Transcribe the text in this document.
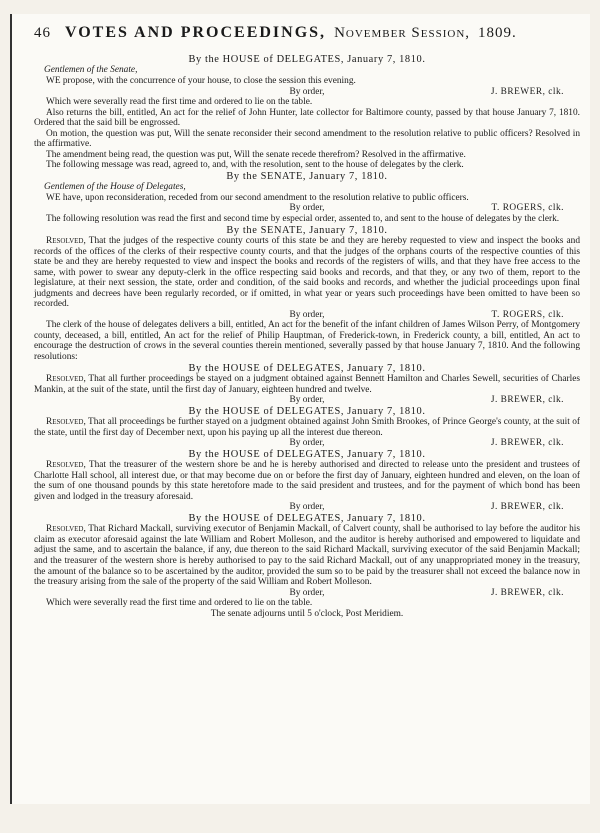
46 VOTES AND PROCEEDINGS, November Session, 1809.

By the HOUSE of DELEGATES, January 7, 1810.

Gentlemen of the Senate,

WE propose, with the concurrence of your house, to close the session this evening.

By order,	J. BREWER, clk.

Which were severally read the first time and ordered to lie on the table.

Also returns the bill, entitled, An act for the relief of John Hunter, late collector for Baltimore county, passed by that house January 7, 1810. Ordered that the said bill be engrossed.

On motion, the question was put, Will the senate reconsider their second amendment to the resolution relative to public officers? Resolved in the affirmative.

The amendment being read, the question was put, Will the senate recede therefrom? Resolved in the affirmative.

The following message was read, agreed to, and, with the resolution, sent to the house of delegates by the clerk.

By the SENATE, January 7, 1810.

Gentlemen of the House of Delegates,

WE have, upon reconsideration, receded from our second amendment to the resolution relative to public officers.

By order,	T. ROGERS, clk.

The following resolution was read the first and second time by especial order, assented to, and sent to the house of delegates by the clerk.

By the SENATE, January 7, 1810.

Resolved, That the judges of the respective county courts of this state be and they are hereby requested to view and inspect the books and records of the offices of the clerks of their respective county courts, and that the judges of the orphans courts of the respective counties of this state be and they are hereby requested to view and inspect the books and records of the registers of wills, and that they have free access to the same, with power to swear any deputy-clerk in the office respecting said books and records, and that they, or any two of them, report to the legislature, at their next session, the state, order and condition, of the said books and records, and whether the judicial proceedings upon final judgments and decrees have been regularly recorded, or if omitted, in what year or years such proceedings have been omitted to have been so recorded.

By order,	T. ROGERS, clk.

The clerk of the house of delegates delivers a bill, entitled, An act for the benefit of the infant children of James Wilson Perry, of Montgomery county, deceased, a bill, entitled, An act for the relief of Philip Hauptman, of Frederick-town, in Frederick county, a bill, entitled, An act to encourage the destruction of crows in the several counties therein mentioned, severally passed by that house January 7, 1810. And the following resolutions:

By the HOUSE of DELEGATES, January 7, 1810.

Resolved, That all further proceedings be stayed on a judgment obtained against Bennett Hamilton and Charles Sewell, securities of Charles Mankin, at the suit of the state, until the first day of January, eighteen hundred and twelve.

By order,	J. BREWER, clk.

By the HOUSE of DELEGATES, January 7, 1810.

Resolved, That all proceedings be further stayed on a judgment obtained against John Smith Brookes, of Prince George's county, at the suit of the state, until the first day of December next, upon his paying up all the interest due thereon.

By order,	J. BREWER, clk.

By the HOUSE of DELEGATES, January 7, 1810.

Resolved, That the treasurer of the western shore be and he is hereby authorised and directed to release unto the president and trustees of Charlotte Hall school, all interest due, or that may become due on or before the first day of January, eighteen hundred and eleven, on the loan of the sum of one thousand pounds by this state heretofore made to the said president and trustees, and for the payment of which bond has been given and lodged in the treasury aforesaid.

By order,	J. BREWER, clk.

By the HOUSE of DELEGATES, January 7, 1810.

Resolved, That Richard Mackall, surviving executor of Benjamin Mackall, of Calvert county, shall be authorised to lay before the auditor his claim as executor aforesaid against the late William and Robert Molleson, and the auditor is hereby authorised and empowered to liquidate and adjust the same, and to ascertain the balance, if any, due thereon to the said Richard Mackall, surviving executor of the said Benjamin Mackall; and the treasurer of the western shore is hereby authorised to pay to the said Richard Mackall, out of any unappropriated money in the treasury, the amount of the balance so to be ascertained by the auditor, provided the sum so to be paid by the treasurer shall not exceed the balance now in the treasury arising from the sale of the property of the said William and Robert Molleson.

By order,	J. BREWER, clk.

Which were severally read the first time and ordered to lie on the table.

The senate adjourns until 5 o'clock, Post Meridiem.
